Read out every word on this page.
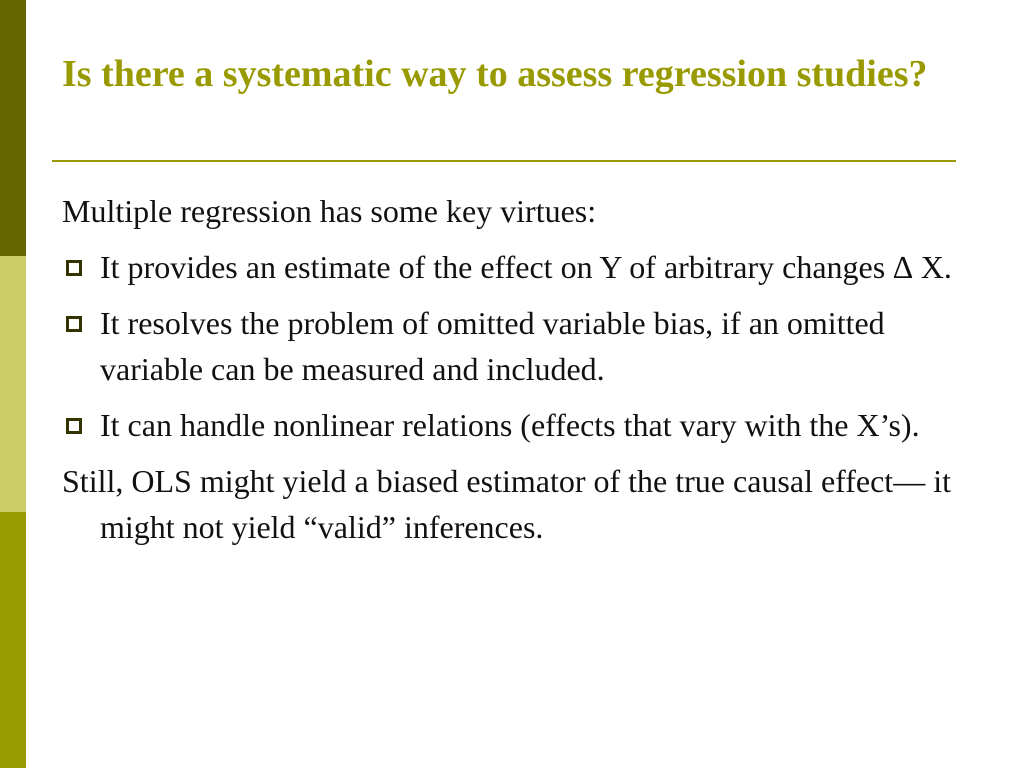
Is there a systematic way to assess regression studies?

Multiple regression has some key virtues:

It provides an estimate of the effect on Y of arbitrary changes ∆ X.
It resolves the problem of omitted variable bias, if an omitted variable can be measured and included.
It can handle nonlinear relations (effects that vary with the X’s).

Still, OLS might yield a biased estimator of the true causal effect— it might not yield “valid” inferences.
